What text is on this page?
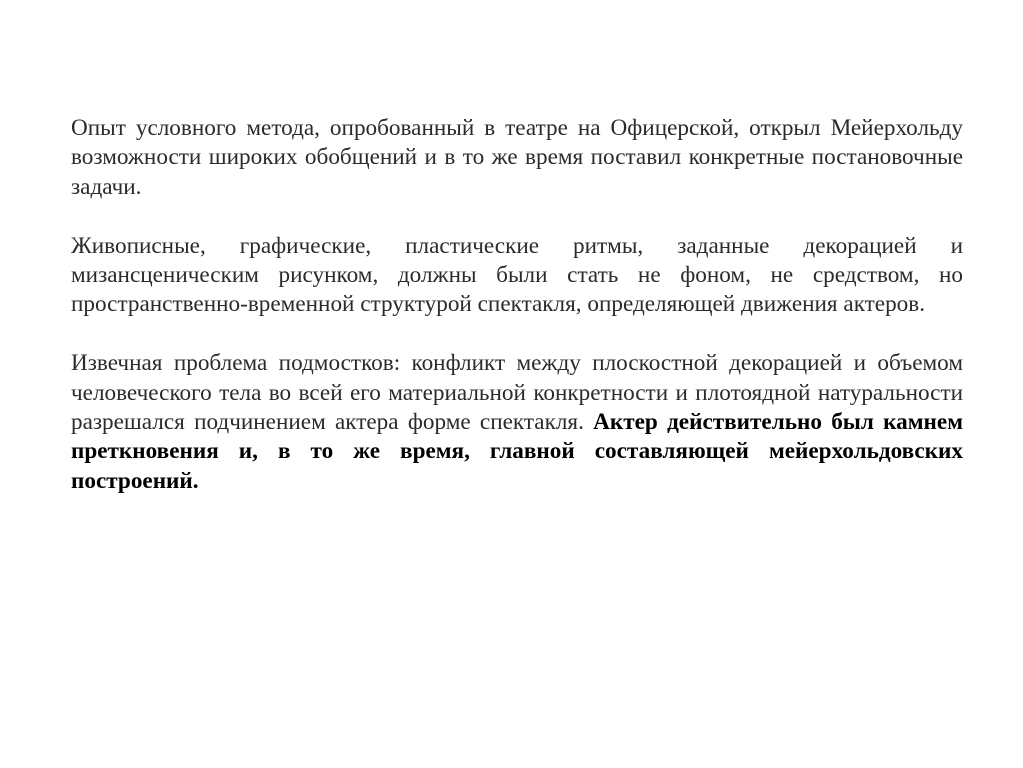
Опыт условного метода, опробованный в театре на Офицерской, открыл Мейерхольду возможности широких обобщений и в то же время поставил конкретные постановочные задачи.

Живописные, графические, пластические ритмы, заданные декорацией и мизансценическим рисунком, должны были стать не фоном, не средством, но пространственно-временной структурой спектакля, определяющей движения актеров.

Извечная проблема подмостков: конфликт между плоскостной декорацией и объемом человеческого тела во всей его материальной конкретности и плотоядной натуральности разрешался подчинением актера форме спектакля. Актер действительно был камнем преткновения и, в то же время, главной составляющей мейерхольдовских построений.
